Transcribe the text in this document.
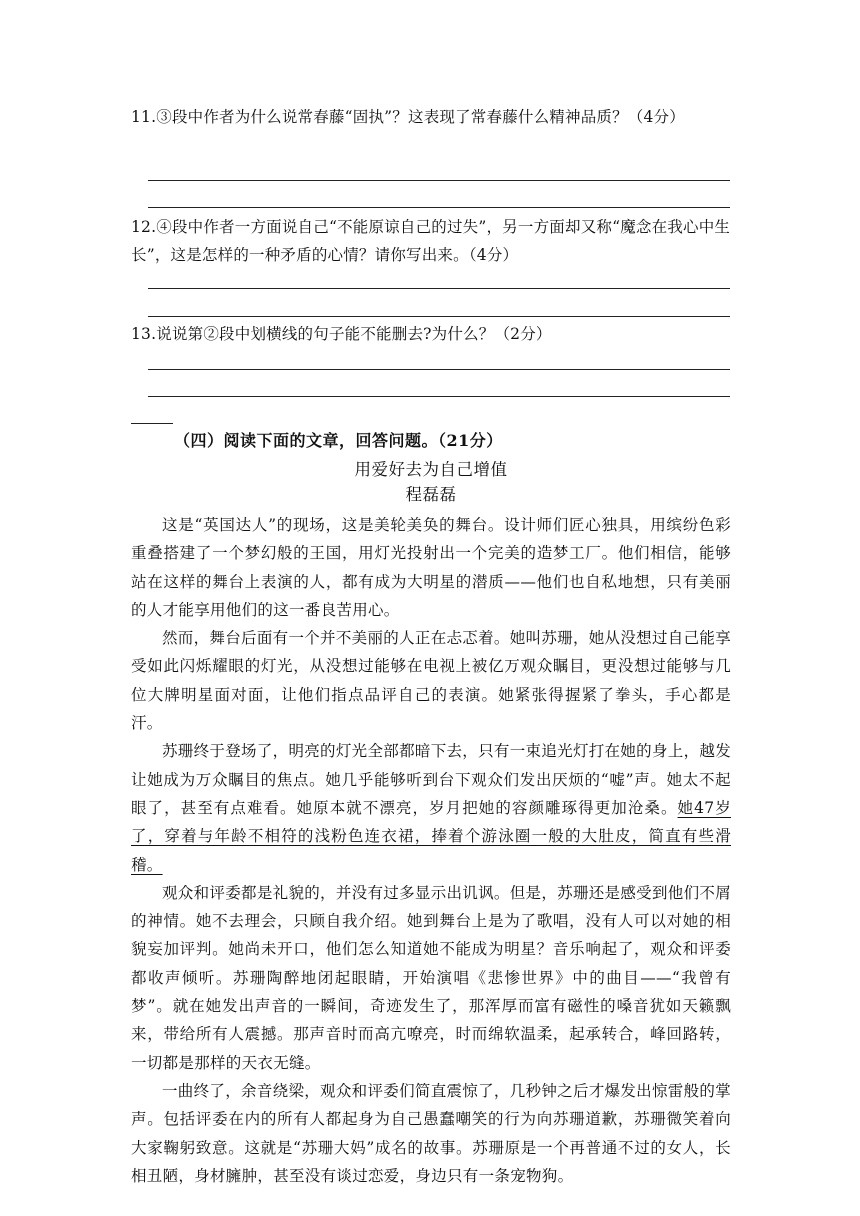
11.③段中作者为什么说常春藤“固执”？这表现了常春藤什么精神品质？（4分）
12.④段中作者一方面说自己“不能原谅自己的过失”，另一方面却又称“魔念在我心中生长”，这是怎样的一种矛盾的心情？请你写出来。（4分）
13.说说第②段中划横线的句子能不能删去?为什么？（2分）
（四）阅读下面的文章，回答问题。（21分）
用爱好去为自己增值
程磊磊

这是“英国达人”的现场，这是美轮美奂的舞台。设计师们匠心独具，用缤纷色彩重叠搭建了一个梦幻般的王国，用灯光投射出一个完美的造梦工厂。他们相信，能够站在这样的舞台上表演的人，都有成为大明星的潜质——他们也自私地想，只有美丽的人才能享用他们的这一番良苦用心。

然而，舞台后面有一个并不美丽的人正在忐忑着。她叫苏珊，她从没想过自己能享受如此闪烁耀眼的灯光，从没想过能够在电视上被亿万观众瞩目，更没想过能够与几位大牌明星面对面，让他们指点品评自己的表演。她紧张得握紧了拳头，手心都是汗。

苏珊终于登场了，明亮的灯光全部都暗下去，只有一束追光灯打在她的身上，越发让她成为万众瞩目的焦点。她几乎能够听到台下观众们发出厌烦的“嘘”声。她太不起眼了，甚至有点难看。她原本就不漂亮，岁月把她的容颜雕琢得更加沧桑。她47岁了，穿着与年龄不相符的浅粉色连衣裙，捧着个游泳圈一般的大肚皮，简直有些滑稽。

观众和评委都是礼貌的，并没有过多显示出讥讽。但是，苏珊还是感受到他们不屑的神情。她不去理会，只顾自我介绍。她到舞台上是为了歌唱，没有人可以对她的相貌妄加评判。她尚未开口，他们怎么知道她不能成为明星？音乐响起了，观众和评委都收声倾听。苏珊陶醉地闭起眼睛，开始演唱《悲惨世界》中的曲目——“我曾有梦”。就在她发出声音的一瞬间，奇迹发生了，那浑厚而富有磁性的嗓音犹如天籁飘来，带给所有人震撼。那声音时而高亢嘹亮，时而绵软温柔，起承转合，峰回路转，一切都是那样的天衣无缝。

一曲终了，余音绕梁，观众和评委们简直震惊了，几秒钟之后才爆发出惊雷般的掌声。包括评委在内的所有人都起身为自己愚蠢嘲笑的行为向苏珊道歉，苏珊微笑着向大家鞠躬致意。这就是“苏珊大妈”成名的故事。苏珊原是一个再普通不过的女人，长相丑陋，身材臃肿，甚至没有谈过恋爱，身边只有一条宠物狗。
